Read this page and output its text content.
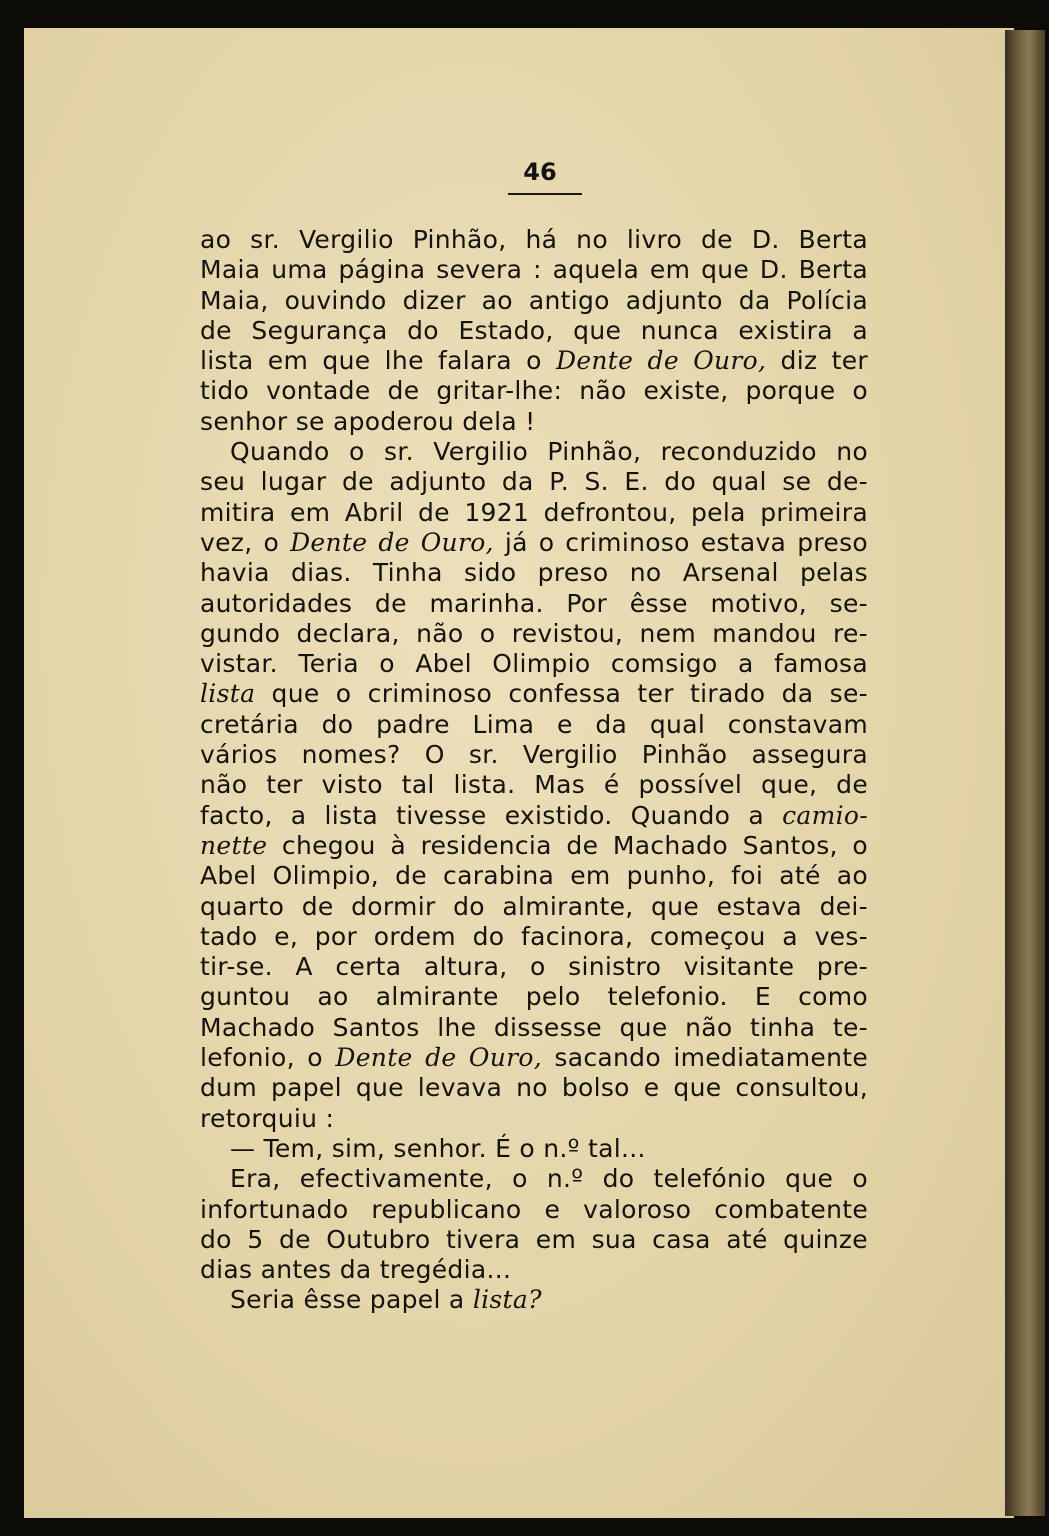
46
ao sr. Vergilio Pinhão, há no livro de D. Berta
Maia uma página severa : aquela em que D. Berta
Maia, ouvindo dizer ao antigo adjunto da Polícia
de Segurança do Estado, que nunca existira a
lista em que lhe falara o Dente de Ouro, diz ter
tido vontade de gritar-lhe: não existe, porque o
senhor se apoderou dela !
Quando o sr. Vergilio Pinhão, reconduzido no
seu lugar de adjunto da P. S. E. do qual se de-
mitira em Abril de 1921 defrontou, pela primeira
vez, o Dente de Ouro, já o criminoso estava preso
havia dias. Tinha sido preso no Arsenal pelas
autoridades de marinha. Por êsse motivo, se-
gundo declara, não o revistou, nem mandou re-
vistar. Teria o Abel Olimpio comsigo a famosa
lista que o criminoso confessa ter tirado da se-
cretária do padre Lima e da qual constavam
vários nomes? O sr. Vergilio Pinhão assegura
não ter visto tal lista. Mas é possível que, de
facto, a lista tivesse existido. Quando a camio-
nette chegou à residencia de Machado Santos, o
Abel Olimpio, de carabina em punho, foi até ao
quarto de dormir do almirante, que estava dei-
tado e, por ordem do facinora, começou a ves-
tir-se. A certa altura, o sinistro visitante pre-
guntou ao almirante pelo telefonio. E como
Machado Santos lhe dissesse que não tinha te-
lefonio, o Dente de Ouro, sacando imediatamente
dum papel que levava no bolso e que consultou,
retorquiu :
— Tem, sim, senhor. É o n.º tal...
Era, efectivamente, o n.º do telefónio que o
infortunado republicano e valoroso combatente
do 5 de Outubro tivera em sua casa até quinze
dias antes da tregédia...
Seria êsse papel a lista?
